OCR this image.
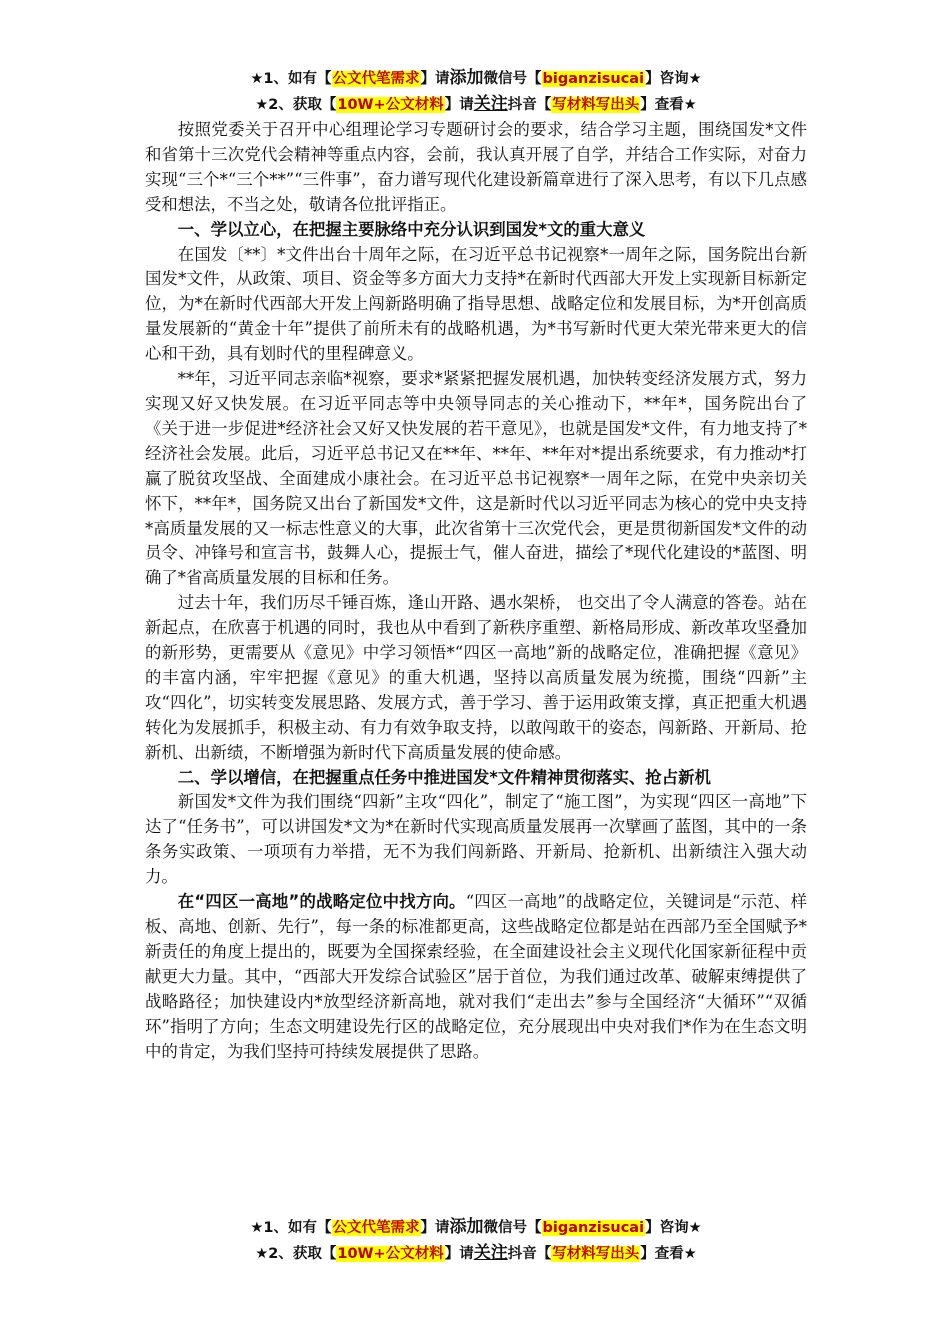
★1、如有【公文代笔需求】请添加微信号【biganzisucai】咨询★
★2、获取【10W+公文材料】请关注抖音【写材料写出头】查看★

按照党委关于召开中心组理论学习专题研讨会的要求，结合学习主题，围绕国发*文件和省第十三次党代会精神等重点内容，会前，我认真开展了自学，并结合工作实际，对奋力实现“三个*“三个**”“三件事”，奋力谱写现代化建设新篇章进行了深入思考，有以下几点感受和想法，不当之处，敬请各位批评指正。

一、学以立心，在把握主要脉络中充分认识到国发*文的重大意义

在国发〔**〕*文件出台十周年之际，在习近平总书记视察*一周年之际，国务院出台新国发*文件，从政策、项目、资金等多方面大力支持*在新时代西部大开发上实现新目标新定位，为*在新时代西部大开发上闯新路明确了指导思想、战略定位和发展目标，为*开创高质量发展新的“黄金十年”提供了前所未有的战略机遇，为*书写新时代更大荣光带来更大的信心和干劲，具有划时代的里程碑意义。

**年，习近平同志亲临*视察，要求*紧紧把握发展机遇，加快转变经济发展方式，努力实现又好又快发展。在习近平同志等中央领导同志的关心推动下，**年*，国务院出台了《关于进一步促进*经济社会又好又快发展的若干意见》，也就是国发*文件，有力地支持了*经济社会发展。此后，习近平总书记又在**年、**年、**年对*提出系统要求，有力推动*打赢了脱贫攻坚战、全面建成小康社会。在习近平总书记视察*一周年之际，在党中央亲切关怀下，**年*，国务院又出台了新国发*文件，这是新时代以习近平同志为核心的党中央支持*高质量发展的又一标志性意义的大事，此次省第十三次党代会，更是贯彻新国发*文件的动员令、冲锋号和宣言书，鼓舞人心，提振士气，催人奋进，描绘了*现代化建设的*蓝图、明确了*省高质量发展的目标和任务。

过去十年，我们历尽千锤百炼，逢山开路、遇水架桥， 也交出了令人满意的答卷。站在新起点，在欣喜于机遇的同时，我也从中看到了新秩序重塑、新格局形成、新改革攻坚叠加的新形势，更需要从《意见》中学习领悟*“四区一高地”新的战略定位，准确把握《意见》的丰富内涵，牢牢把握《意见》的重大机遇，坚持以高质量发展为统揽，围绕“四新”主攻“四化”，切实转变发展思路、发展方式，善于学习、善于运用政策支撑，真正把重大机遇转化为发展抓手，积极主动、有力有效争取支持，以敢闯敢干的姿态，闯新路、开新局、抢新机、出新绩，不断增强为新时代下高质量发展的使命感。

二、学以增信，在把握重点任务中推进国发*文件精神贯彻落实、抢占新机

新国发*文件为我们围绕“四新”主攻“四化”，制定了“施工图”，为实现“四区一高地”下达了“任务书”，可以讲国发*文为*在新时代实现高质量发展再一次擘画了蓝图，其中的一条条务实政策、一项项有力举措，无不为我们闯新路、开新局、抢新机、出新绩注入强大动力。

在“四区一高地”的战略定位中找方向。“四区一高地”的战略定位，关键词是“示范、样板、高地、创新、先行”，每一条的标准都更高，这些战略定位都是站在西部乃至全国赋予*新责任的角度上提出的，既要为全国探索经验，在全面建设社会主义现代化国家新征程中贡献更大力量。其中，“西部大开发综合试验区”居于首位，为我们通过改革、破解束缚提供了战略路径；加快建设内*放型经济新高地，就对我们“走出去”参与全国经济“大循环”“双循环”指明了方向；生态文明建设先行区的战略定位，充分展现出中央对我们*作为在生态文明中的肯定，为我们坚持可持续发展提供了思路。

★1、如有【公文代笔需求】请添加微信号【biganzisucai】咨询★
★2、获取【10W+公文材料】请关注抖音【写材料写出头】查看★
